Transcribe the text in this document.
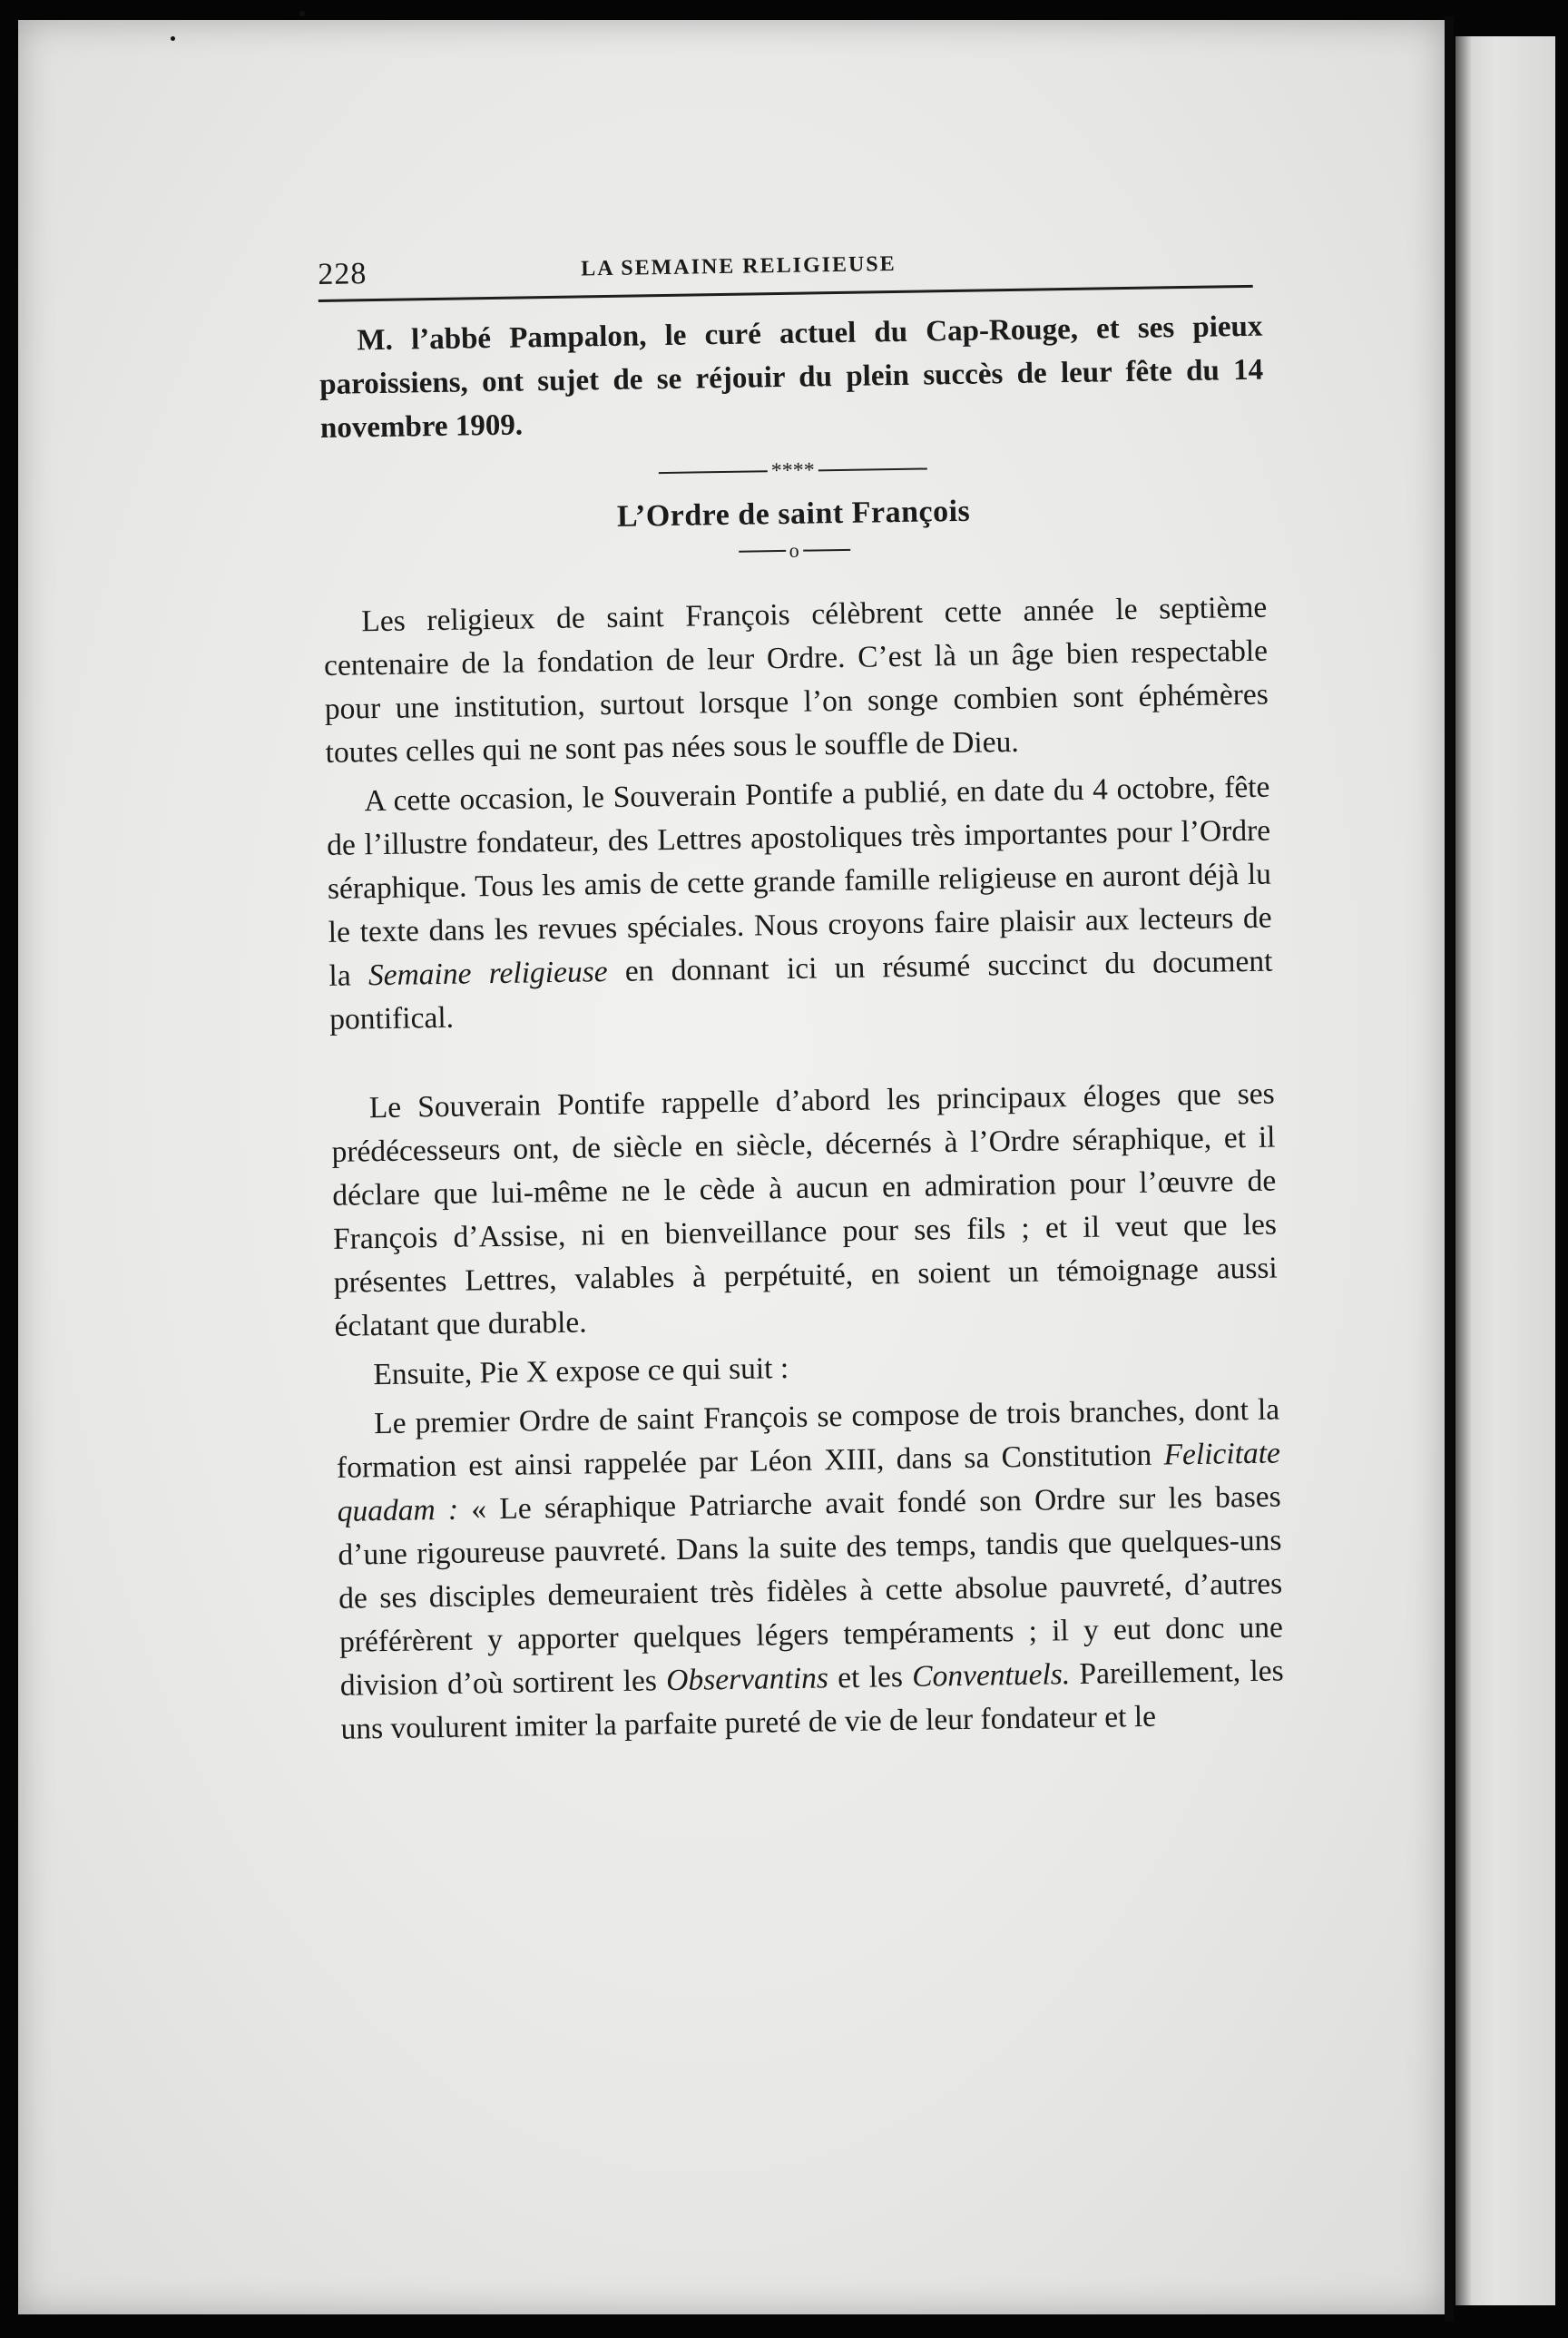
228	LA SEMAINE RELIGIEUSE

M. l’abbé Pampalon, le curé actuel du Cap-Rouge, et ses pieux paroissiens, ont sujet de se réjouir du plein succès de leur fête du 14 novembre 1909.

****
L’Ordre de saint François
o

Les religieux de saint François célèbrent cette année le septième centenaire de la fondation de leur Ordre. C’est là un âge bien respectable pour une institution, surtout lorsque l’on songe combien sont éphémères toutes celles qui ne sont pas nées sous le souffle de Dieu.

A cette occasion, le Souverain Pontife a publié, en date du 4 octobre, fête de l’illustre fondateur, des Lettres apostoliques très importantes pour l’Ordre séraphique. Tous les amis de cette grande famille religieuse en auront déjà lu le texte dans les revues spéciales. Nous croyons faire plaisir aux lecteurs de la Semaine religieuse en donnant ici un résumé succinct du document pontifical.

Le Souverain Pontife rappelle d’abord les principaux éloges que ses prédécesseurs ont, de siècle en siècle, décernés à l’Ordre séraphique, et il déclare que lui-même ne le cède à aucun en admiration pour l’œuvre de François d’Assise, ni en bienveillance pour ses fils ; et il veut que les présentes Lettres, valables à perpétuité, en soient un témoignage aussi éclatant que durable.

Ensuite, Pie X expose ce qui suit :

Le premier Ordre de saint François se compose de trois branches, dont la formation est ainsi rappelée par Léon XIII, dans sa Constitution Felicitate quadam : « Le séraphique Patriarche avait fondé son Ordre sur les bases d’une rigoureuse pauvreté. Dans la suite des temps, tandis que quelques-uns de ses disciples demeuraient très fidèles à cette absolue pauvreté, d’autres préférèrent y apporter quelques légers tempéraments ; il y eut donc une division d’où sortirent les Observantins et les Conventuels. Pareillement, les uns voulurent imiter la parfaite pureté de vie de leur fondateur et le
